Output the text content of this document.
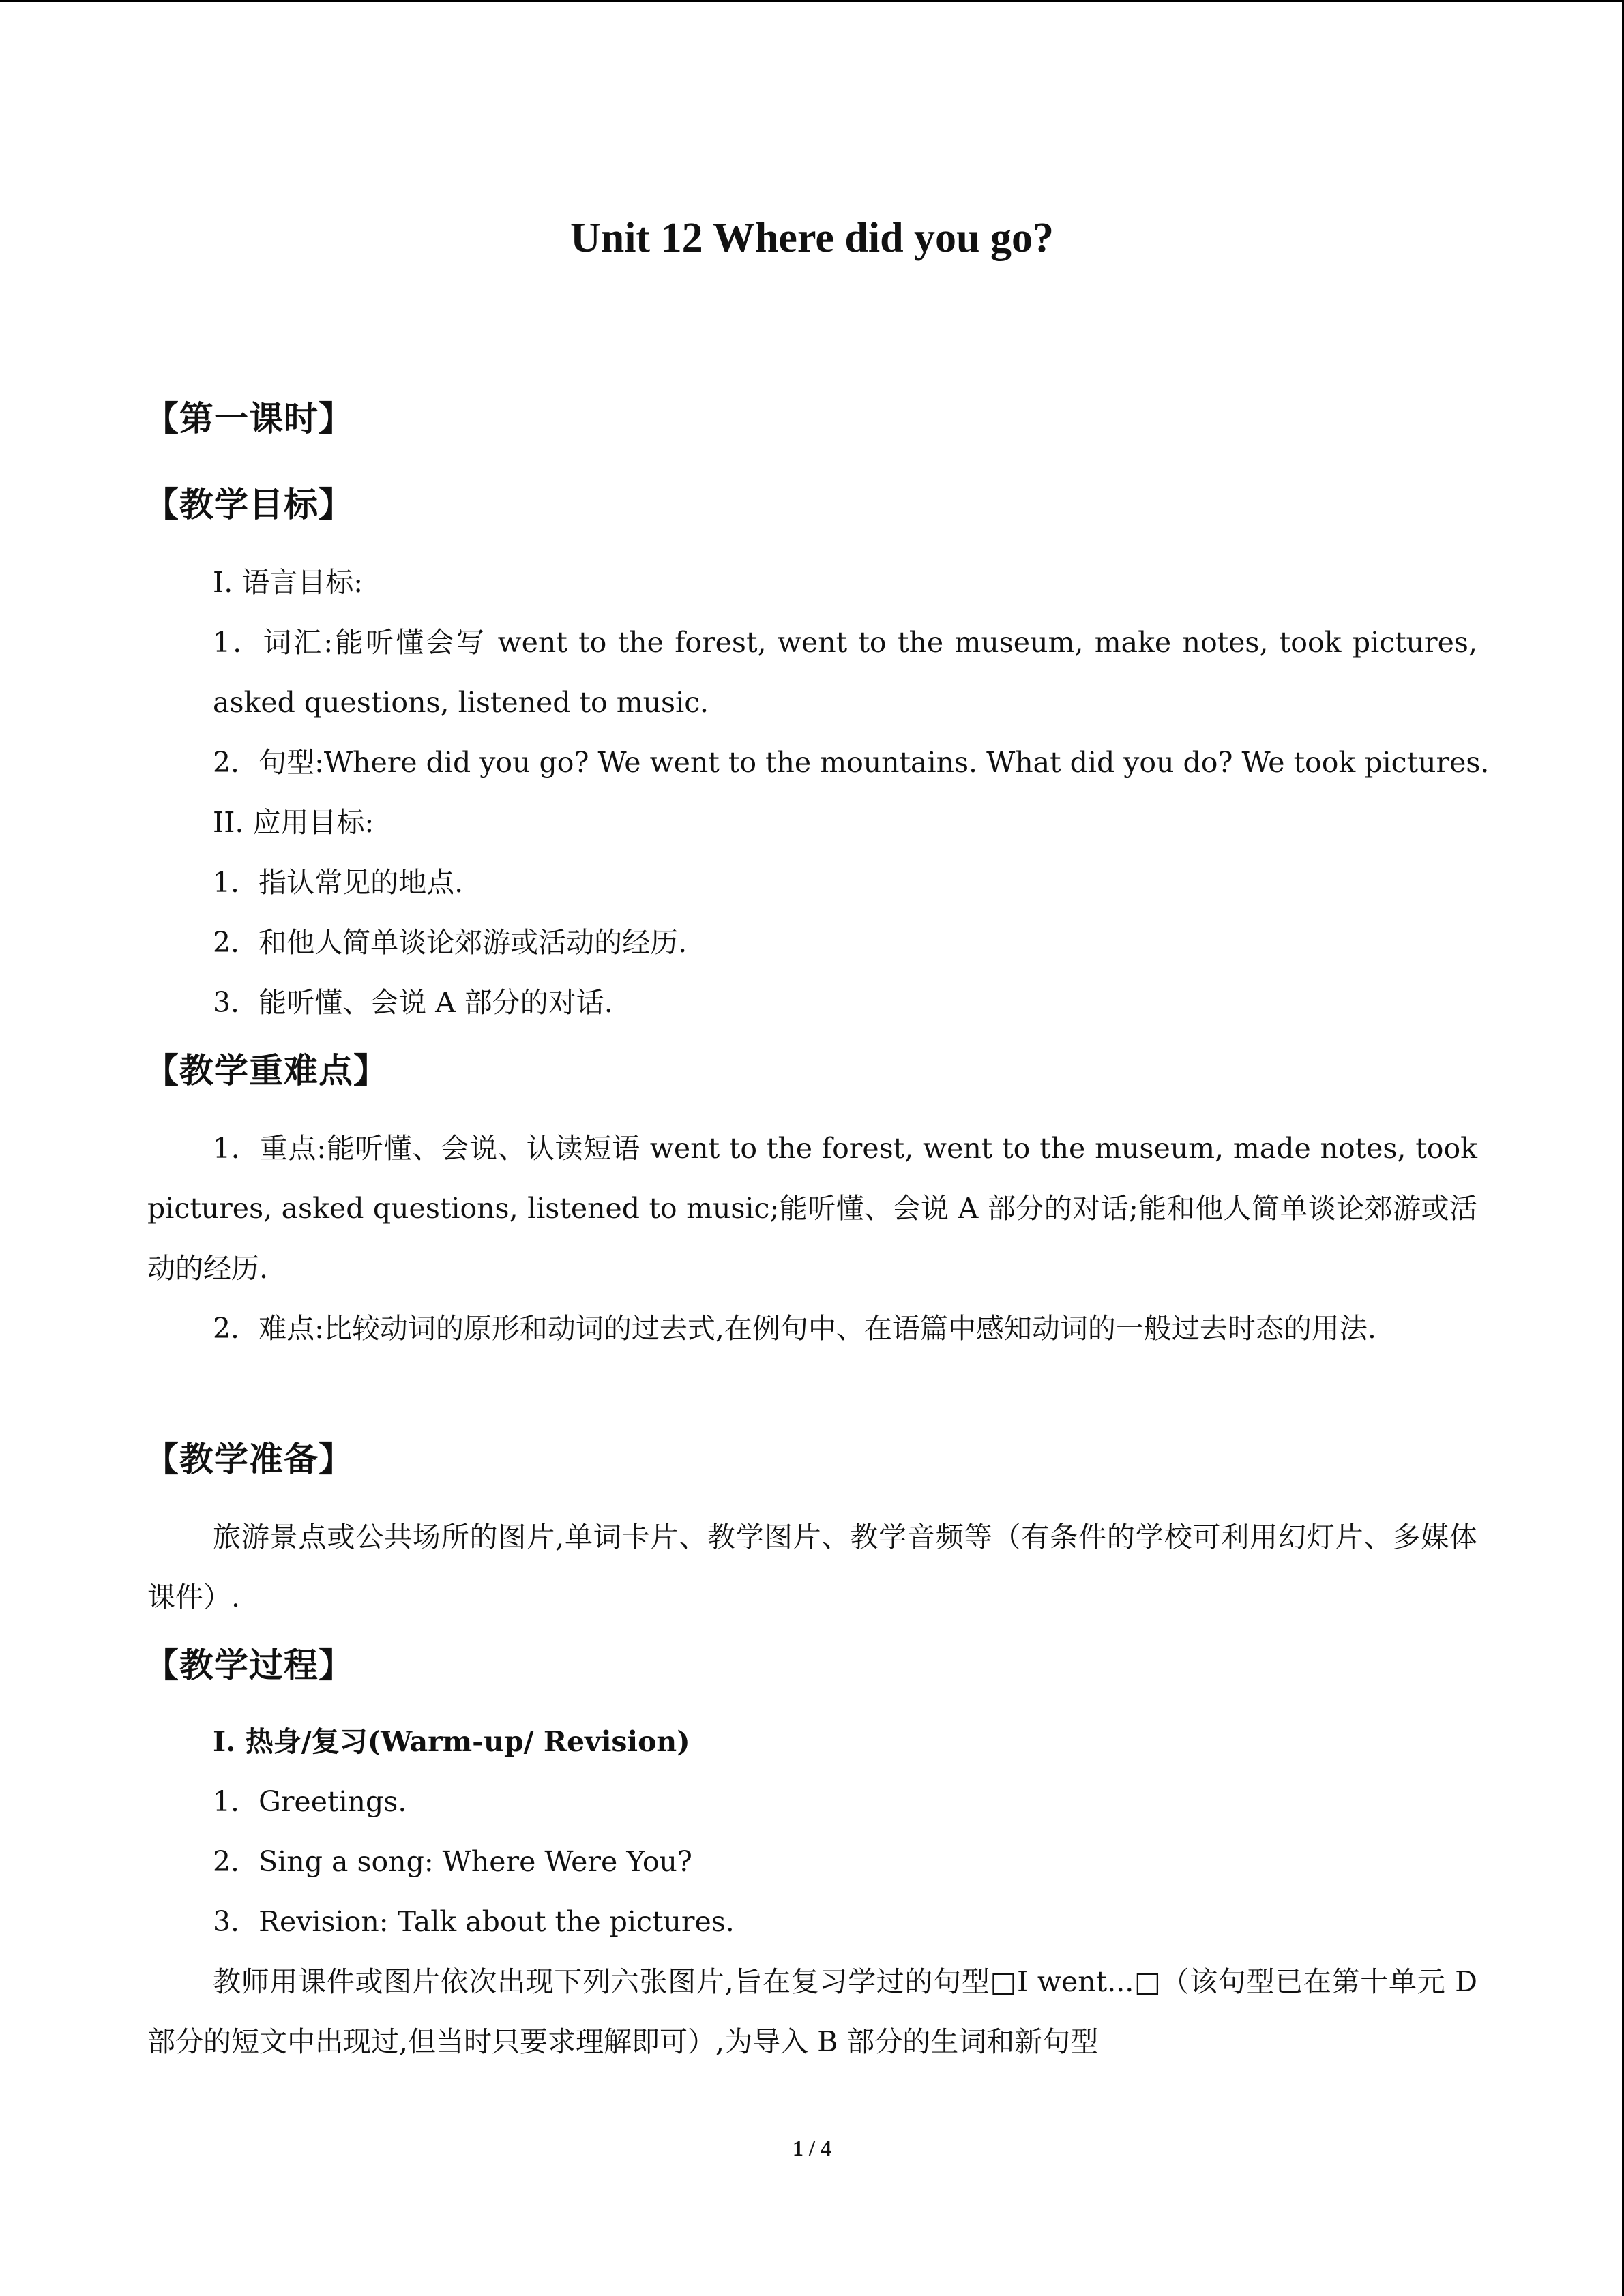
Unit 12 Where did you go?
【第一课时】
【教学目标】
I. 语言目标:
1．词汇:能听懂会写 went to the forest, went to the museum, make notes, took pictures, asked questions, listened to music．
2．句型:Where did you go? We went to the mountains. What did you do? We took pictures.
II. 应用目标:
1．指认常见的地点.
2．和他人简单谈论郊游或活动的经历.
3．能听懂、会说 A 部分的对话.
【教学重难点】
1．重点:能听懂、会说、认读短语 went to the forest, went to the museum, made notes, took pictures, asked questions, listened to music;能听懂、会说 A 部分的对话;能和他人简单谈论郊游或活动的经历.
2．难点:比较动词的原形和动词的过去式,在例句中、在语篇中感知动词的一般过去时态的用法.
【教学准备】
旅游景点或公共场所的图片,单词卡片、教学图片、教学音频等（有条件的学校可利用幻灯片、多媒体课件）.
【教学过程】
I. 热身/复习(Warm-up/ Revision)
1．Greetings.
2．Sing a song: Where Were You?
3．Revision: Talk about the pictures.
教师用课件或图片依次出现下列六张图片,旨在复习学过的句型□I went...□（该句型已在第十单元 D 部分的短文中出现过,但当时只要求理解即可）,为导入 B 部分的生词和新句型
1 / 4
